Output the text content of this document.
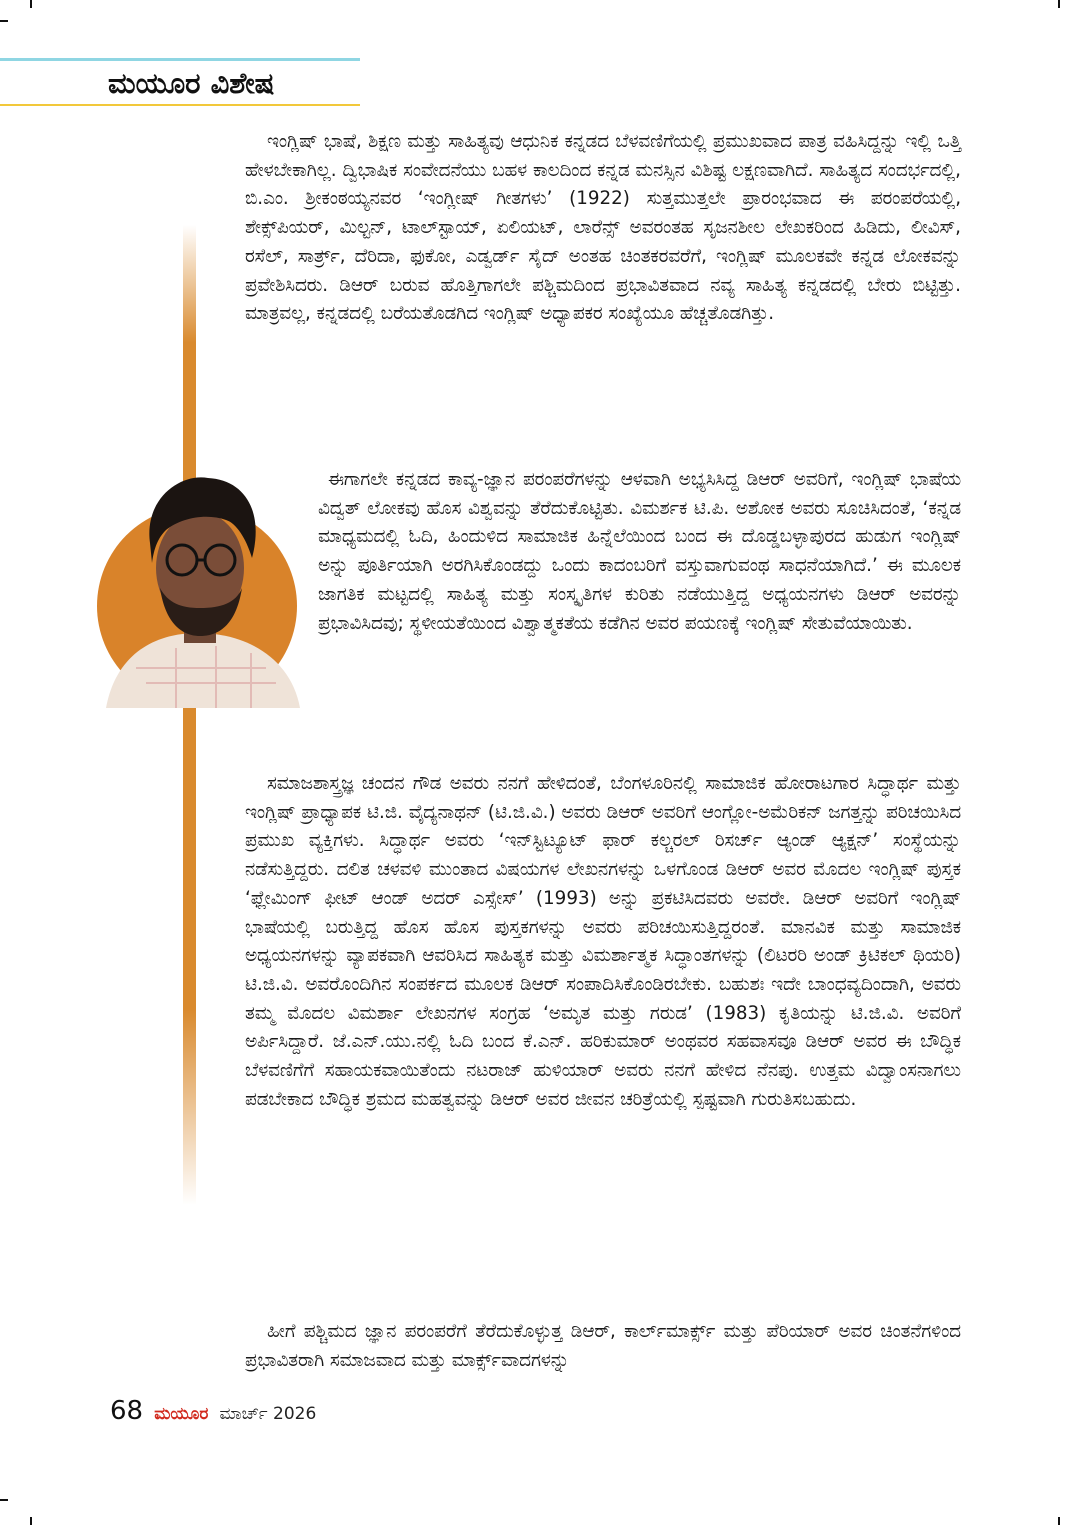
ಮಯೂರ ವಿಶೇಷ

ಇಂಗ್ಲಿಷ್ ಭಾಷೆ, ಶಿಕ್ಷಣ ಮತ್ತು ಸಾಹಿತ್ಯವು ಆಧುನಿಕ ಕನ್ನಡದ ಬೆಳವಣಿಗೆಯಲ್ಲಿ ಪ್ರಮುಖವಾದ ಪಾತ್ರ ವಹಿಸಿದ್ದನ್ನು ಇಲ್ಲಿ ಒತ್ತಿ ಹೇಳಬೇಕಾಗಿಲ್ಲ. ದ್ವಿಭಾಷಿಕ ಸಂವೇದನೆಯು ಬಹಳ ಕಾಲದಿಂದ ಕನ್ನಡ ಮನಸ್ಸಿನ ವಿಶಿಷ್ಟ ಲಕ್ಷಣವಾಗಿದೆ. ಸಾಹಿತ್ಯದ ಸಂದರ್ಭದಲ್ಲಿ, ಬಿ.ಎಂ. ಶ್ರೀಕಂಠಯ್ಯನವರ ‘ಇಂಗ್ಲೀಷ್ ಗೀತಗಳು’ (1922) ಸುತ್ತಮುತ್ತಲೇ ಪ್ರಾರಂಭವಾದ ಈ ಪರಂಪರೆಯಲ್ಲಿ, ಶೇಕ್ಸ್‌ಪಿಯರ್, ಮಿಲ್ಟನ್, ಟಾಲ್‌ಸ್ಟಾಯ್, ಏಲಿಯಟ್, ಲಾರೆನ್ಸ್ ಅವರಂತಹ ಸೃಜನಶೀಲ ಲೇಖಕರಿಂದ ಹಿಡಿದು, ಲೀವಿಸ್, ರಸೆಲ್, ಸಾರ್ತ್ರ್, ದೆರಿದಾ, ಫುಕೋ, ಎಡ್ವರ್ಡ್ ಸೈದ್ ಅಂತಹ ಚಿಂತಕರವರೆಗೆ, ಇಂಗ್ಲಿಷ್ ಮೂಲಕವೇ ಕನ್ನಡ ಲೋಕವನ್ನು ಪ್ರವೇಶಿಸಿದರು. ಡಿಆರ್ ಬರುವ ಹೊತ್ತಿಗಾಗಲೇ ಪಶ್ಚಿಮದಿಂದ ಪ್ರಭಾವಿತವಾದ ನವ್ಯ ಸಾಹಿತ್ಯ ಕನ್ನಡದಲ್ಲಿ ಬೇರು ಬಿಟ್ಟಿತ್ತು. ಮಾತ್ರವಲ್ಲ, ಕನ್ನಡದಲ್ಲಿ ಬರೆಯತೊಡಗಿದ ಇಂಗ್ಲಿಷ್ ಅಧ್ಯಾಪಕರ ಸಂಖ್ಯೆಯೂ ಹೆಚ್ಚತೊಡಗಿತ್ತು.

ಈಗಾಗಲೇ ಕನ್ನಡದ ಕಾವ್ಯ-ಜ್ಞಾನ ಪರಂಪರೆಗಳನ್ನು ಆಳವಾಗಿ ಅಭ್ಯಸಿಸಿದ್ದ ಡಿಆರ್ ಅವರಿಗೆ, ಇಂಗ್ಲಿಷ್ ಭಾಷೆಯ ವಿದ್ವತ್ ಲೋಕವು ಹೊಸ ವಿಶ್ವವನ್ನು ತೆರೆದುಕೊಟ್ಟಿತು. ವಿಮರ್ಶಕ ಟಿ.ಪಿ. ಅಶೋಕ ಅವರು ಸೂಚಿಸಿದಂತೆ, ‘ಕನ್ನಡ ಮಾಧ್ಯಮದಲ್ಲಿ ಓದಿ, ಹಿಂದುಳಿದ ಸಾಮಾಜಿಕ ಹಿನ್ನೆಲೆಯಿಂದ ಬಂದ ಈ ದೊಡ್ಡಬಳ್ಳಾಪುರದ ಹುಡುಗ ಇಂಗ್ಲಿಷ್ ಅನ್ನು ಪೂರ್ತಿಯಾಗಿ ಅರಗಿಸಿಕೊಂಡದ್ದು ಒಂದು ಕಾದಂಬರಿಗೆ ವಸ್ತುವಾಗುವಂಥ ಸಾಧನೆಯಾಗಿದೆ.’ ಈ ಮೂಲಕ ಜಾಗತಿಕ ಮಟ್ಟದಲ್ಲಿ ಸಾಹಿತ್ಯ ಮತ್ತು ಸಂಸ್ಕೃತಿಗಳ ಕುರಿತು ನಡೆಯುತ್ತಿದ್ದ ಅಧ್ಯಯನಗಳು ಡಿಆರ್ ಅವರನ್ನು ಪ್ರಭಾವಿಸಿದವು; ಸ್ಥಳೀಯತೆಯಿಂದ ವಿಶ್ವಾತ್ಮಕತೆಯ ಕಡೆಗಿನ ಅವರ ಪಯಣಕ್ಕೆ ಇಂಗ್ಲಿಷ್ ಸೇತುವೆಯಾಯಿತು.

ಸಮಾಜಶಾಸ್ತ್ರಜ್ಞ ಚಂದನ ಗೌಡ ಅವರು ನನಗೆ ಹೇಳಿದಂತೆ, ಬೆಂಗಳೂರಿನಲ್ಲಿ ಸಾಮಾಜಿಕ ಹೋರಾಟಗಾರ ಸಿದ್ಧಾರ್ಥ ಮತ್ತು ಇಂಗ್ಲಿಷ್ ಪ್ರಾಧ್ಯಾಪಕ ಟಿ.ಜಿ. ವೈದ್ಯನಾಥನ್ (ಟಿ.ಜಿ.ವಿ.) ಅವರು ಡಿಆರ್ ಅವರಿಗೆ ಆಂಗ್ಲೋ-ಅಮೆರಿಕನ್ ಜಗತ್ತನ್ನು ಪರಿಚಯಿಸಿದ ಪ್ರಮುಖ ವ್ಯಕ್ತಿಗಳು. ಸಿದ್ಧಾರ್ಥ ಅವರು ‘ಇನ್‌ಸ್ಟಿಟ್ಯೂಟ್ ಫಾರ್ ಕಲ್ಚರಲ್ ರಿಸರ್ಚ್ ಆ್ಯಂಡ್ ಆ್ಯಕ್ಷನ್’ ಸಂಸ್ಥೆಯನ್ನು ನಡೆಸುತ್ತಿದ್ದರು. ದಲಿತ ಚಳವಳಿ ಮುಂತಾದ ವಿಷಯಗಳ ಲೇಖನಗಳನ್ನು ಒಳಗೊಂಡ ಡಿಆರ್ ಅವರ ಮೊದಲ ಇಂಗ್ಲಿಷ್ ಪುಸ್ತಕ ‘ಫ್ಲೇಮಿಂಗ್ ಫೀಟ್ ಆಂಡ್ ಅದರ್ ಎಸ್ಸೇಸ್’ (1993) ಅನ್ನು ಪ್ರಕಟಿಸಿದವರು ಅವರೇ. ಡಿಆರ್ ಅವರಿಗೆ ಇಂಗ್ಲಿಷ್ ಭಾಷೆಯಲ್ಲಿ ಬರುತ್ತಿದ್ದ ಹೊಸ ಹೊಸ ಪುಸ್ತಕಗಳನ್ನು ಅವರು ಪರಿಚಯಿಸುತ್ತಿದ್ದರಂತೆ. ಮಾನವಿಕ ಮತ್ತು ಸಾಮಾಜಿಕ ಅಧ್ಯಯನಗಳನ್ನು ವ್ಯಾಪಕವಾಗಿ ಆವರಿಸಿದ ಸಾಹಿತ್ಯಕ ಮತ್ತು ವಿಮರ್ಶಾತ್ಮಕ ಸಿದ್ಧಾಂತಗಳನ್ನು (ಲಿಟರರಿ ಅಂಡ್ ಕ್ರಿಟಿಕಲ್ ಥಿಯರಿ) ಟಿ.ಜಿ.ವಿ. ಅವರೊಂದಿಗಿನ ಸಂಪರ್ಕದ ಮೂಲಕ ಡಿಆರ್ ಸಂಪಾದಿಸಿಕೊಂಡಿರಬೇಕು. ಬಹುಶಃ ಇದೇ ಬಾಂಧವ್ಯದಿಂದಾಗಿ, ಅವರು ತಮ್ಮ ಮೊದಲ ವಿಮರ್ಶಾ ಲೇಖನಗಳ ಸಂಗ್ರಹ ‘ಅಮೃತ ಮತ್ತು ಗರುಡ’ (1983) ಕೃತಿಯನ್ನು ಟಿ.ಜಿ.ವಿ. ಅವರಿಗೆ ಅರ್ಪಿಸಿದ್ದಾರೆ. ಜೆ.ಎನ್.ಯು.ನಲ್ಲಿ ಓದಿ ಬಂದ ಕೆ.ಎನ್. ಹರಿಕುಮಾರ್ ಅಂಥವರ ಸಹವಾಸವೂ ಡಿಆರ್ ಅವರ ಈ ಬೌದ್ಧಿಕ ಬೆಳವಣಿಗೆಗೆ ಸಹಾಯಕವಾಯಿತೆಂದು ನಟರಾಜ್ ಹುಳಿಯಾರ್ ಅವರು ನನಗೆ ಹೇಳಿದ ನೆನಪು. ಉತ್ತಮ ವಿದ್ವಾಂಸನಾಗಲು ಪಡಬೇಕಾದ ಬೌದ್ಧಿಕ ಶ್ರಮದ ಮಹತ್ವವನ್ನು ಡಿಆರ್ ಅವರ ಜೀವನ ಚರಿತ್ರೆಯಲ್ಲಿ ಸ್ಪಷ್ಟವಾಗಿ ಗುರುತಿಸಬಹುದು.

ಹೀಗೆ ಪಶ್ಚಿಮದ ಜ್ಞಾನ ಪರಂಪರೆಗೆ ತೆರೆದುಕೊಳ್ಳುತ್ತ ಡಿಆರ್, ಕಾರ್ಲ್‌ಮಾರ್ಕ್ಸ್ ಮತ್ತು ಪೆರಿಯಾರ್ ಅವರ ಚಿಂತನೆಗಳಿಂದ ಪ್ರಭಾವಿತರಾಗಿ ಸಮಾಜವಾದ ಮತ್ತು ಮಾರ್ಕ್ಸ್‌ವಾದಗಳನ್ನು

68 ಮಯೂರ ಮಾರ್ಚ್ 2026
